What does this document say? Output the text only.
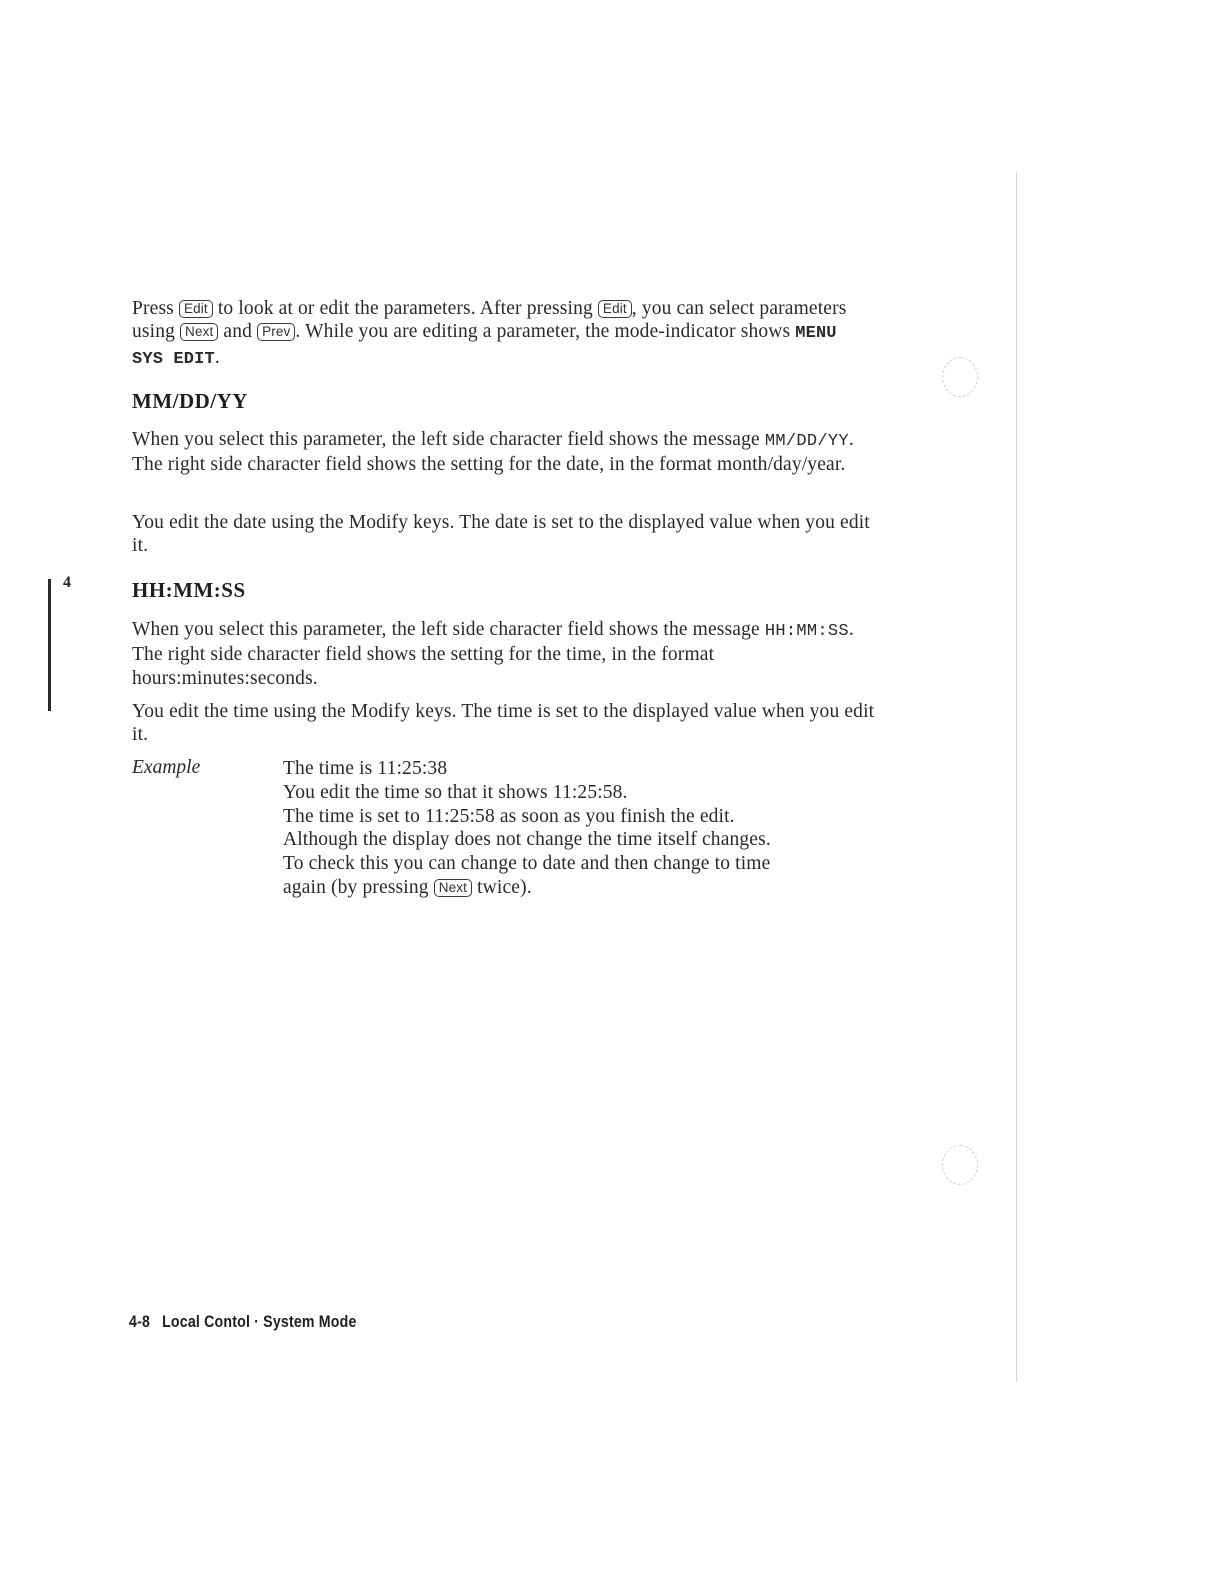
Press Edit to look at or edit the parameters. After pressing Edit , you can select parameters using Next and Prev . While you are editing a parameter, the mode-indicator shows MENU SYS EDIT.
MM/DD/YY
When you select this parameter, the left side character field shows the message MM/DD/YY. The right side character field shows the setting for the date, in the format month/day/year.
You edit the date using the Modify keys. The date is set to the displayed value when you edit it.
4	HH:MM:SS
When you select this parameter, the left side character field shows the message HH:MM:SS. The right side character field shows the setting for the time, in the format hours:minutes:seconds.
You edit the time using the Modify keys. The time is set to the displayed value when you edit it.
Example	The time is 11:25:38
You edit the time so that it shows 11:25:58.
The time is set to 11:25:58 as soon as you finish the edit.
Although the display does not change the time itself changes.
To check this you can change to date and then change to time
again (by pressing Next twice).
4-8 Local Contol · System Mode
